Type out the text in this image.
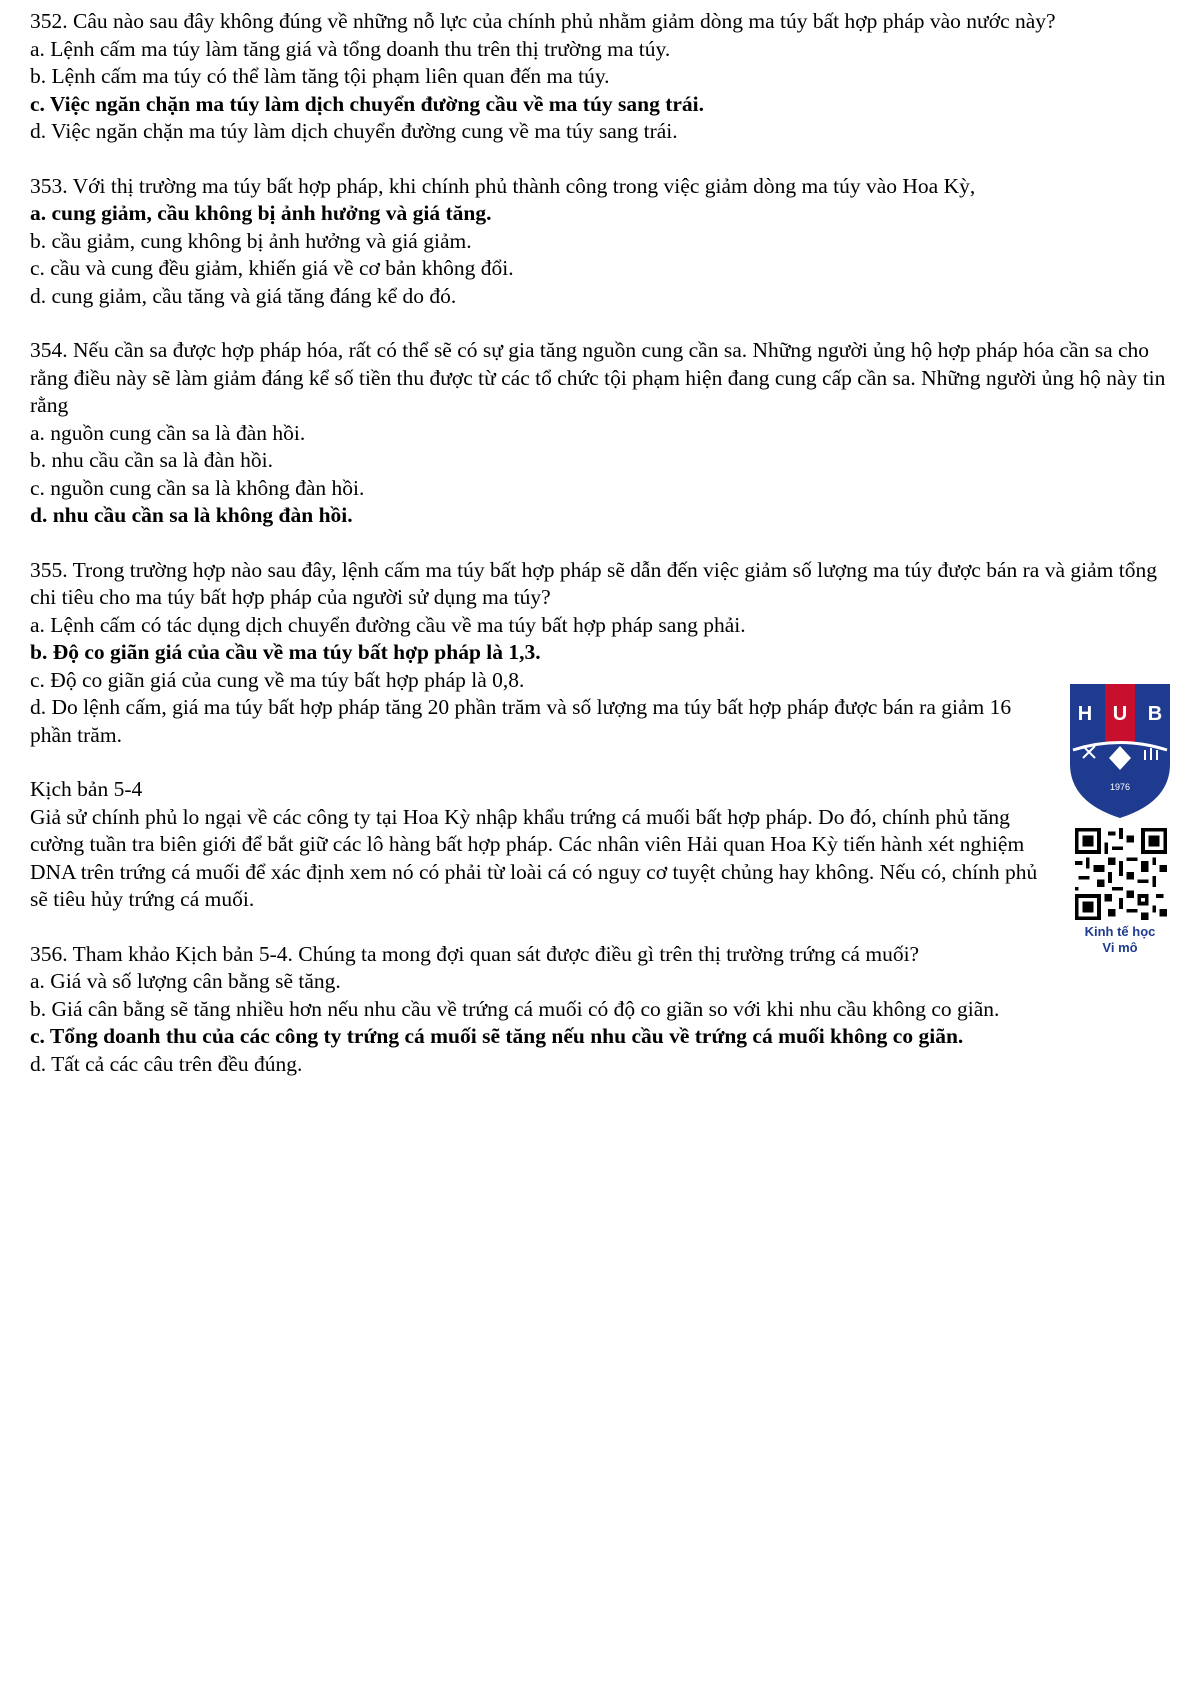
352. Câu nào sau đây không đúng về những nỗ lực của chính phủ nhằm giảm dòng ma túy bất hợp pháp vào nước này?
a. Lệnh cấm ma túy làm tăng giá và tổng doanh thu trên thị trường ma túy.
b. Lệnh cấm ma túy có thể làm tăng tội phạm liên quan đến ma túy.
c. Việc ngăn chặn ma túy làm dịch chuyển đường cầu về ma túy sang trái.
d. Việc ngăn chặn ma túy làm dịch chuyển đường cung về ma túy sang trái.
353. Với thị trường ma túy bất hợp pháp, khi chính phủ thành công trong việc giảm dòng ma túy vào Hoa Kỳ,
a. cung giảm, cầu không bị ảnh hưởng và giá tăng.
b. cầu giảm, cung không bị ảnh hưởng và giá giảm.
c. cầu và cung đều giảm, khiến giá về cơ bản không đổi.
d. cung giảm, cầu tăng và giá tăng đáng kể do đó.
354. Nếu cần sa được hợp pháp hóa, rất có thể sẽ có sự gia tăng nguồn cung cần sa. Những người ủng hộ hợp pháp hóa cần sa cho rằng điều này sẽ làm giảm đáng kể số tiền thu được từ các tổ chức tội phạm hiện đang cung cấp cần sa. Những người ủng hộ này tin rằng
a. nguồn cung cần sa là đàn hồi.
b. nhu cầu cần sa là đàn hồi.
c. nguồn cung cần sa là không đàn hồi.
d. nhu cầu cần sa là không đàn hồi.
355. Trong trường hợp nào sau đây, lệnh cấm ma túy bất hợp pháp sẽ dẫn đến việc giảm số lượng ma túy được bán ra và giảm tổng chi tiêu cho ma túy bất hợp pháp của người sử dụng ma túy?
a. Lệnh cấm có tác dụng dịch chuyển đường cầu về ma túy bất hợp pháp sang phải.
b. Độ co giãn giá của cầu về ma túy bất hợp pháp là 1,3.
c. Độ co giãn giá của cung về ma túy bất hợp pháp là 0,8.
d. Do lệnh cấm, giá ma túy bất hợp pháp tăng 20 phần trăm và số lượng ma túy bất hợp pháp được bán ra giảm 16 phần trăm.
Kịch bản 5-4
Giả sử chính phủ lo ngại về các công ty tại Hoa Kỳ nhập khẩu trứng cá muối bất hợp pháp. Do đó, chính phủ tăng cường tuần tra biên giới để bắt giữ các lô hàng bất hợp pháp. Các nhân viên Hải quan Hoa Kỳ tiến hành xét nghiệm DNA trên trứng cá muối để xác định xem nó có phải từ loài cá có nguy cơ tuyệt chủng hay không. Nếu có, chính phủ sẽ tiêu hủy trứng cá muối.
356. Tham khảo Kịch bản 5-4. Chúng ta mong đợi quan sát được điều gì trên thị trường trứng cá muối?
a. Giá và số lượng cân bằng sẽ tăng.
b. Giá cân bằng sẽ tăng nhiều hơn nếu nhu cầu về trứng cá muối có độ co giãn so với khi nhu cầu không co giãn.
c. Tổng doanh thu của các công ty trứng cá muối sẽ tăng nếu nhu cầu về trứng cá muối không co giãn.
d. Tất cả các câu trên đều đúng.
H U B
1976
Kinh tế học
Vi mô
